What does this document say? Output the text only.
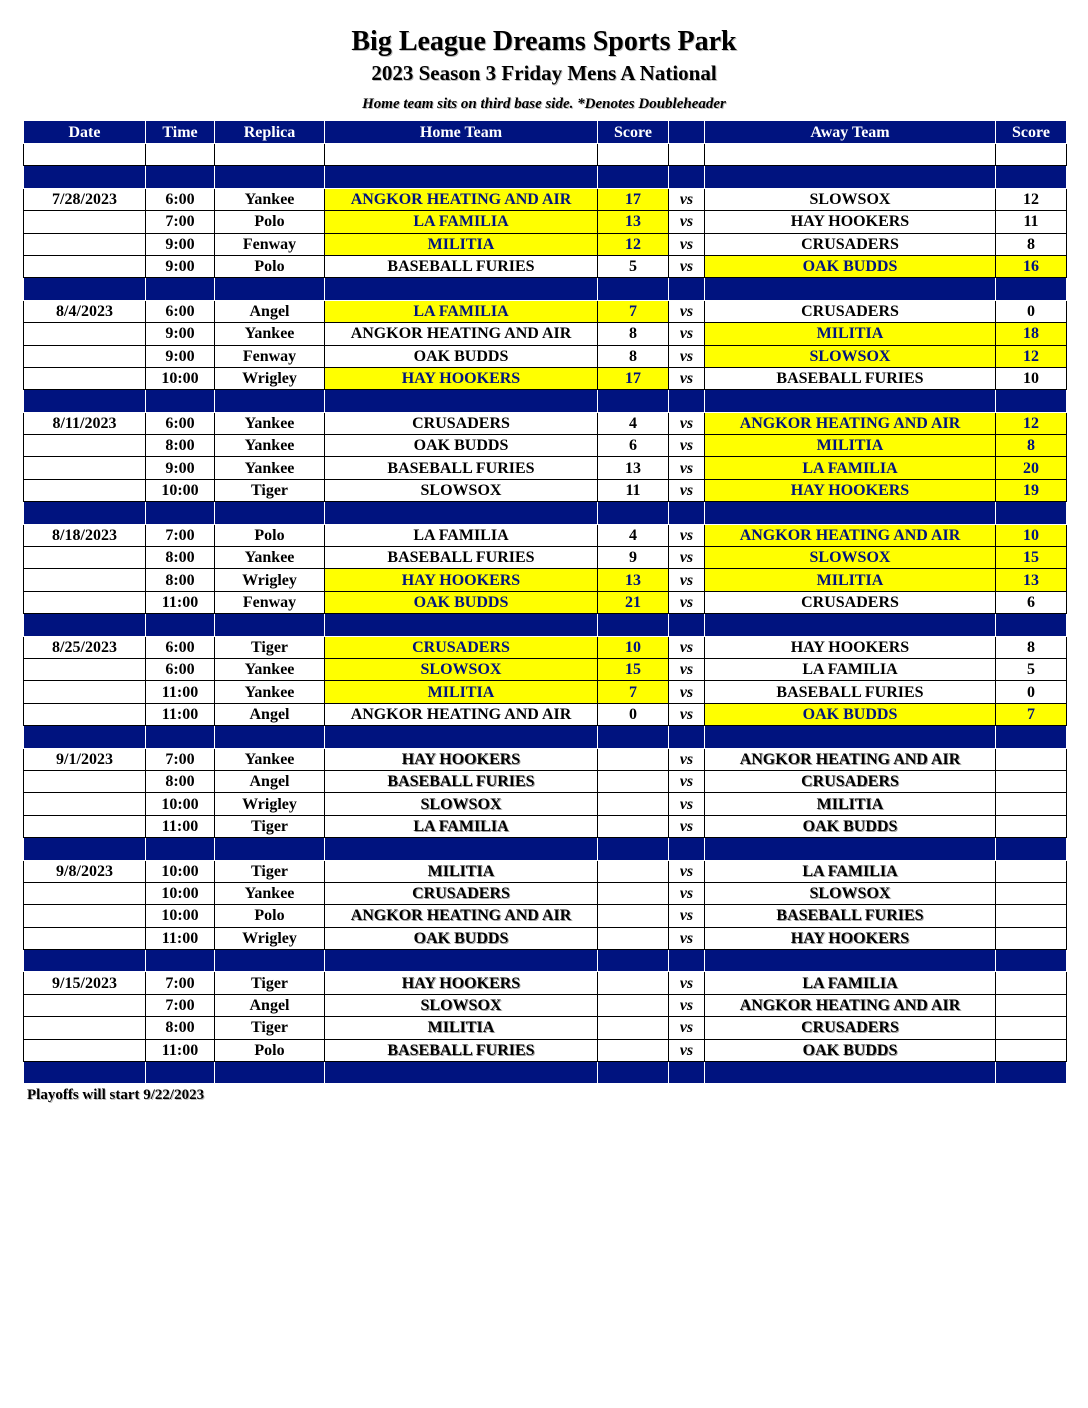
Big League Dreams Sports Park
2023 Season 3 Friday Mens A National
Home team sits on third base side. *Denotes Doubleheader
Date	Time	Replica	Home Team	Score		Away Team	Score

7/28/2023	6:00	Yankee	ANGKOR HEATING AND AIR	17	vs	SLOWSOX	12
	7:00	Polo	LA FAMILIA	13	vs	HAY HOOKERS	11
	9:00	Fenway	MILITIA	12	vs	CRUSADERS	8
	9:00	Polo	BASEBALL FURIES	5	vs	OAK BUDDS	16

8/4/2023	6:00	Angel	LA FAMILIA	7	vs	CRUSADERS	0
	9:00	Yankee	ANGKOR HEATING AND AIR	8	vs	MILITIA	18
	9:00	Fenway	OAK BUDDS	8	vs	SLOWSOX	12
	10:00	Wrigley	HAY HOOKERS	17	vs	BASEBALL FURIES	10

8/11/2023	6:00	Yankee	CRUSADERS	4	vs	ANGKOR HEATING AND AIR	12
	8:00	Yankee	OAK BUDDS	6	vs	MILITIA	8
	9:00	Yankee	BASEBALL FURIES	13	vs	LA FAMILIA	20
	10:00	Tiger	SLOWSOX	11	vs	HAY HOOKERS	19

8/18/2023	7:00	Polo	LA FAMILIA	4	vs	ANGKOR HEATING AND AIR	10
	8:00	Yankee	BASEBALL FURIES	9	vs	SLOWSOX	15
	8:00	Wrigley	HAY HOOKERS	13	vs	MILITIA	13
	11:00	Fenway	OAK BUDDS	21	vs	CRUSADERS	6

8/25/2023	6:00	Tiger	CRUSADERS	10	vs	HAY HOOKERS	8
	6:00	Yankee	SLOWSOX	15	vs	LA FAMILIA	5
	11:00	Yankee	MILITIA	7	vs	BASEBALL FURIES	0
	11:00	Angel	ANGKOR HEATING AND AIR	0	vs	OAK BUDDS	7

9/1/2023	7:00	Yankee	HAY HOOKERS		vs	ANGKOR HEATING AND AIR	
	8:00	Angel	BASEBALL FURIES		vs	CRUSADERS	
	10:00	Wrigley	SLOWSOX		vs	MILITIA	
	11:00	Tiger	LA FAMILIA		vs	OAK BUDDS	

9/8/2023	10:00	Tiger	MILITIA		vs	LA FAMILIA	
	10:00	Yankee	CRUSADERS		vs	SLOWSOX	
	10:00	Polo	ANGKOR HEATING AND AIR		vs	BASEBALL FURIES	
	11:00	Wrigley	OAK BUDDS		vs	HAY HOOKERS	

9/15/2023	7:00	Tiger	HAY HOOKERS		vs	LA FAMILIA	
	7:00	Angel	SLOWSOX		vs	ANGKOR HEATING AND AIR	
	8:00	Tiger	MILITIA		vs	CRUSADERS	
	11:00	Polo	BASEBALL FURIES		vs	OAK BUDDS	

Playoffs will start 9/22/2023
